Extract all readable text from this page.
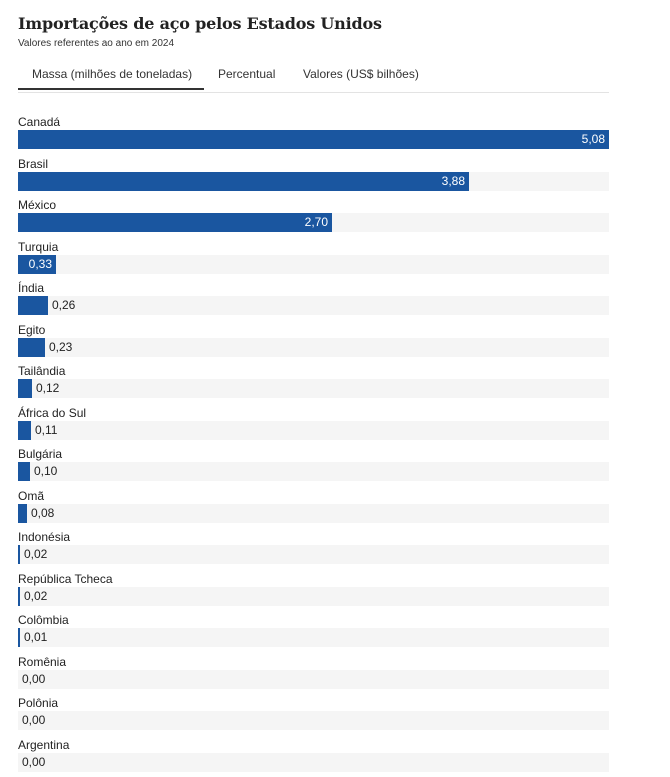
Importações de aço pelos Estados Unidos
Valores referentes ao ano em 2024
Massa (milhões de toneladas)	Percentual Valores (US$ bilhões)
Canadá
5,08
Brasil
3,88
México
2,70
Turquia
0,33
Índia
0,26
Egito
0,23
Tailândia
0,12
África do Sul
0,11
Bulgária
0,10
Omã
0,08
Indonésia
0,02
República Tcheca
0,02
Colômbia
0,01
Romênia
0,00
Polônia
0,00
Argentina
0,00
